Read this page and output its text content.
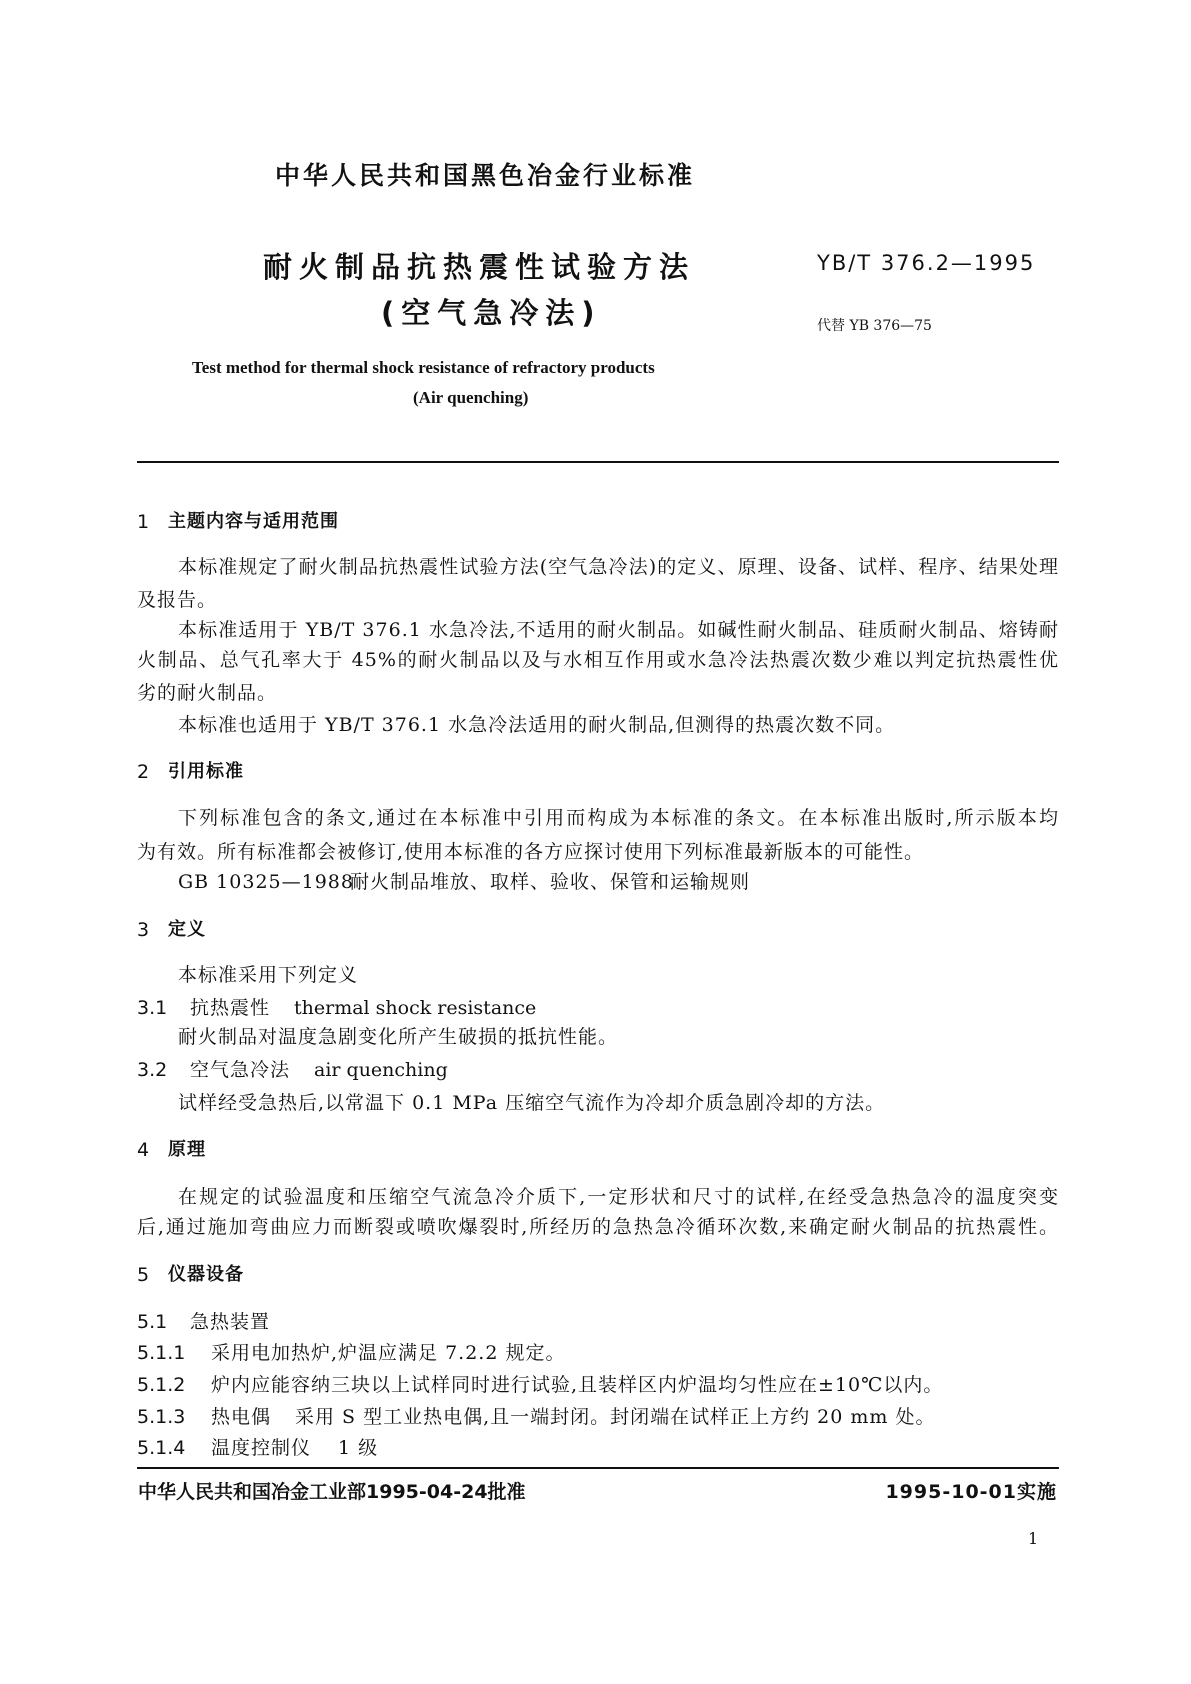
中华人民共和国黑色冶金行业标准
耐火制品抗热震性试验方法
(空气急冷法)
YB/T 376.2—1995
代替 YB 376—75
Test method for thermal shock resistance of refractory products
(Air quenching)
1 主题内容与适用范围
本标准规定了耐火制品抗热震性试验方法(空气急冷法)的定义、原理、设备、试样、程序、结果处理
及报告。
本标准适用于 YB/T 376.1 水急冷法,不适用的耐火制品。如碱性耐火制品、硅质耐火制品、熔铸耐
火制品、总气孔率大于 45%的耐火制品以及与水相互作用或水急冷法热震次数少难以判定抗热震性优
劣的耐火制品。
本标准也适用于 YB/T 376.1 水急冷法适用的耐火制品,但测得的热震次数不同。
2 引用标准
下列标准包含的条文,通过在本标准中引用而构成为本标准的条文。在本标准出版时,所示版本均
为有效。所有标准都会被修订,使用本标准的各方应探讨使用下列标准最新版本的可能性。
GB 10325—1988
耐火制品堆放、取样、验收、保管和运输规则
3 定义
本标准采用下列定义
3.1 抗热震性 thermal shock resistance
耐火制品对温度急剧变化所产生破损的抵抗性能。
3.2 空气急冷法 air quenching
试样经受急热后,以常温下 0.1 MPa 压缩空气流作为冷却介质急剧冷却的方法。
4 原理
在规定的试验温度和压缩空气流急冷介质下,一定形状和尺寸的试样,在经受急热急冷的温度突变
后,通过施加弯曲应力而断裂或喷吹爆裂时,所经历的急热急冷循环次数,来确定耐火制品的抗热震性。
5 仪器设备
5.1 急热装置
5.1.1 采用电加热炉,炉温应满足 7.2.2 规定。
5.1.2 炉内应能容纳三块以上试样同时进行试验,且装样区内炉温均匀性应在±10℃以内。
5.1.3 热电偶 采用 S 型工业热电偶,且一端封闭。封闭端在试样正上方约 20 mm 处。
5.1.4 温度控制仪 1 级
中华人民共和国冶金工业部1995-04-24批准	1995-10-01实施
1
